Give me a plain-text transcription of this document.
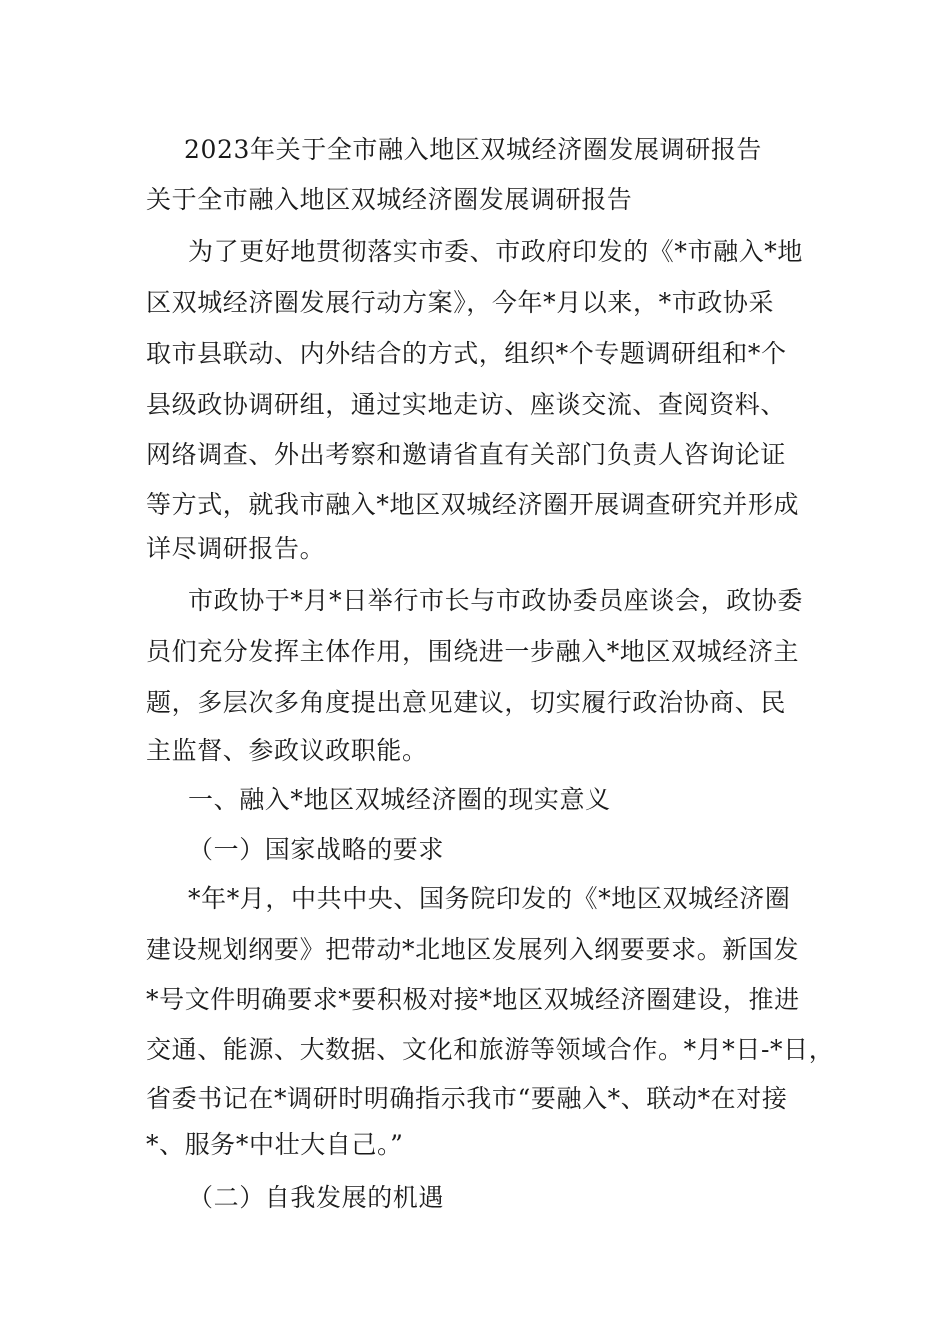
2023年关于全市融入地区双城经济圈发展调研报告
关于全市融入地区双城经济圈发展调研报告
为了更好地贯彻落实市委、市政府印发的《*市融入*地
区双城经济圈发展行动方案》，今年*月以来，*市政协采
取市县联动、内外结合的方式，组织*个专题调研组和*个
县级政协调研组，通过实地走访、座谈交流、查阅资料、
网络调查、外出考察和邀请省直有关部门负责人咨询论证
等方式，就我市融入*地区双城经济圈开展调查研究并形成
详尽调研报告。
市政协于*月*日举行市长与市政协委员座谈会，政协委
员们充分发挥主体作用，围绕进一步融入*地区双城经济主
题，多层次多角度提出意见建议，切实履行政治协商、民
主监督、参政议政职能。
一、融入*地区双城经济圈的现实意义
（一）国家战略的要求
*年*月，中共中央、国务院印发的《*地区双城经济圈
建设规划纲要》把带动*北地区发展列入纲要要求。新国发
*号文件明确要求*要积极对接*地区双城经济圈建设，推进
交通、能源、大数据、文化和旅游等领域合作。*月*日-*日，
省委书记在*调研时明确指示我市“要融入*、联动*在对接
*、服务*中壮大自己。”
（二）自我发展的机遇
